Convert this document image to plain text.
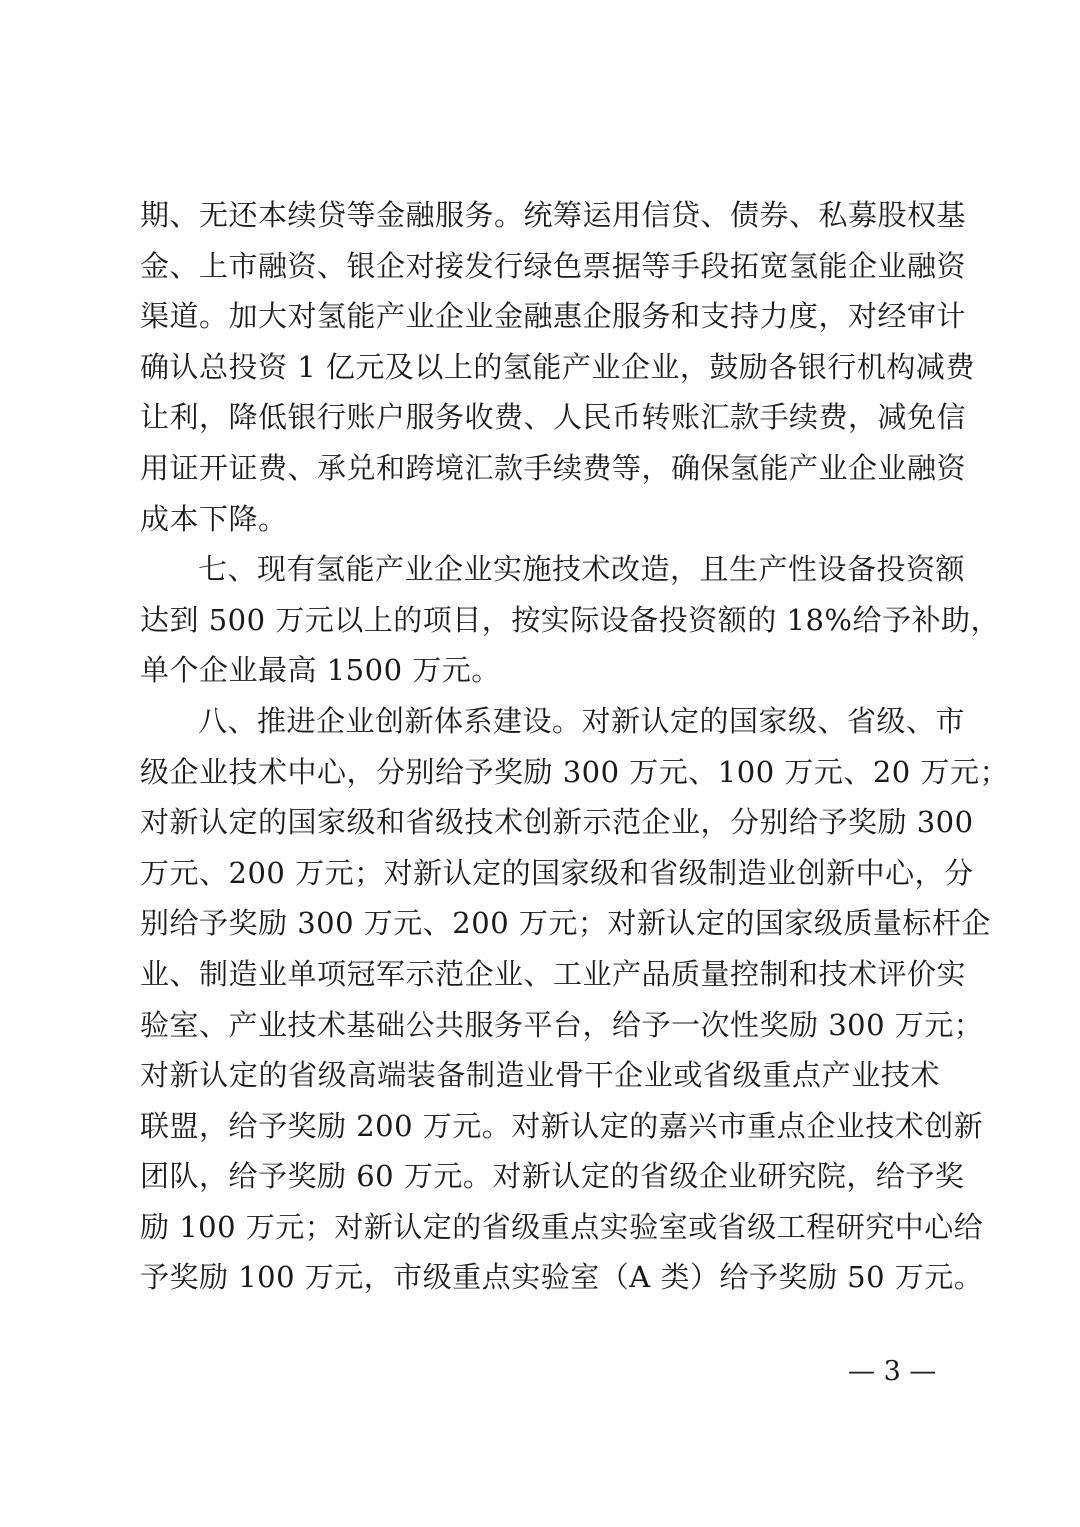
期、无还本续贷等金融服务。统筹运用信贷、债券、私募股权基
金、上市融资、银企对接发行绿色票据等手段拓宽氢能企业融资
渠道。加大对氢能产业企业金融惠企服务和支持力度，对经审计
确认总投资 1 亿元及以上的氢能产业企业，鼓励各银行机构减费
让利，降低银行账户服务收费、人民币转账汇款手续费，减免信
用证开证费、承兑和跨境汇款手续费等，确保氢能产业企业融资
成本下降。
七、现有氢能产业企业实施技术改造，且生产性设备投资额
达到 500 万元以上的项目，按实际设备投资额的 18%给予补助，
单个企业最高 1500 万元。
八、推进企业创新体系建设。对新认定的国家级、省级、市
级企业技术中心，分别给予奖励 300 万元、100 万元、20 万元；
对新认定的国家级和省级技术创新示范企业，分别给予奖励 300
万元、200 万元；对新认定的国家级和省级制造业创新中心，分
别给予奖励 300 万元、200 万元；对新认定的国家级质量标杆企
业、制造业单项冠军示范企业、工业产品质量控制和技术评价实
验室、产业技术基础公共服务平台，给予一次性奖励 300 万元；
对新认定的省级高端装备制造业骨干企业或省级重点产业技术
联盟，给予奖励 200 万元。对新认定的嘉兴市重点企业技术创新
团队，给予奖励 60 万元。对新认定的省级企业研究院，给予奖
励 100 万元；对新认定的省级重点实验室或省级工程研究中心给
予奖励 100 万元，市级重点实验室（A 类）给予奖励 50 万元。
— 3 —
